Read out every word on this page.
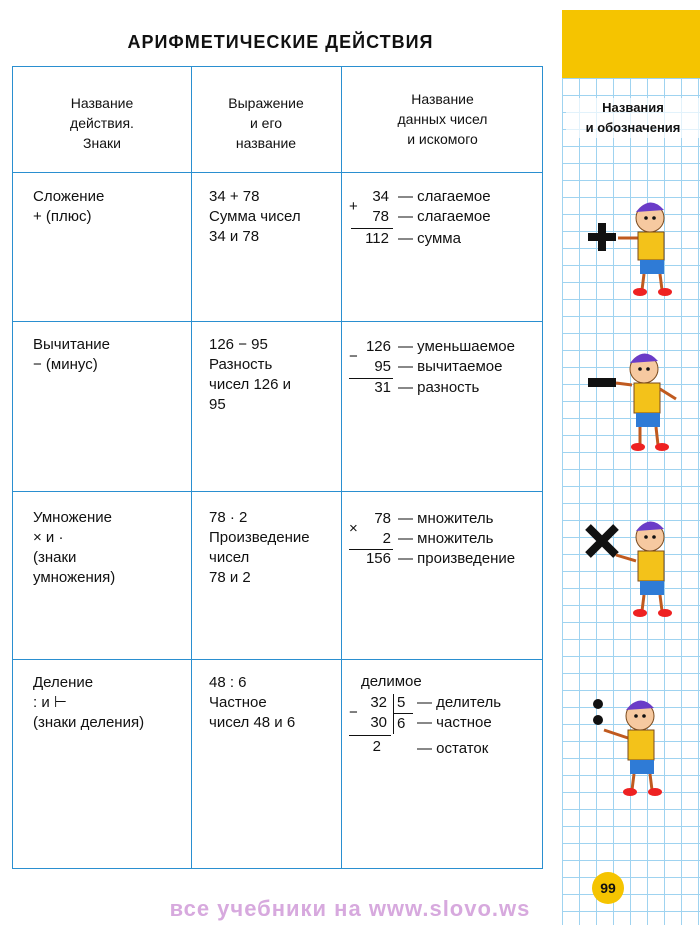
АРИФМЕТИЧЕСКИЕ ДЕЙСТВИЯ
Название
действия.
Знаки
Выражение
и его
название
Название
данных чисел
и искомого
Сложение
+ (плюс)
34 + 78
Сумма чисел
34 и 78
+
34
78
112
— слагаемое
— слагаемое
— сумма
Вычитание
− (минус)
126 − 95
Разность
чисел 126 и
95
−
126
95
31
— уменьшаемое
— вычитаемое
— разность
Умножение
× и ·
(знаки
умножения)
78 · 2
Произведение
чисел
78 и 2
×
78
2
156
— множитель
— множитель
— произведение
Деление
: и ⊢
(знаки деления)
48 : 6
Частное
чисел 48 и 6
делимое
−
32
30
5
6
2
— делитель
— частное
— остаток
Названия
и обозначения
99
все учебники на www.slovo.ws
